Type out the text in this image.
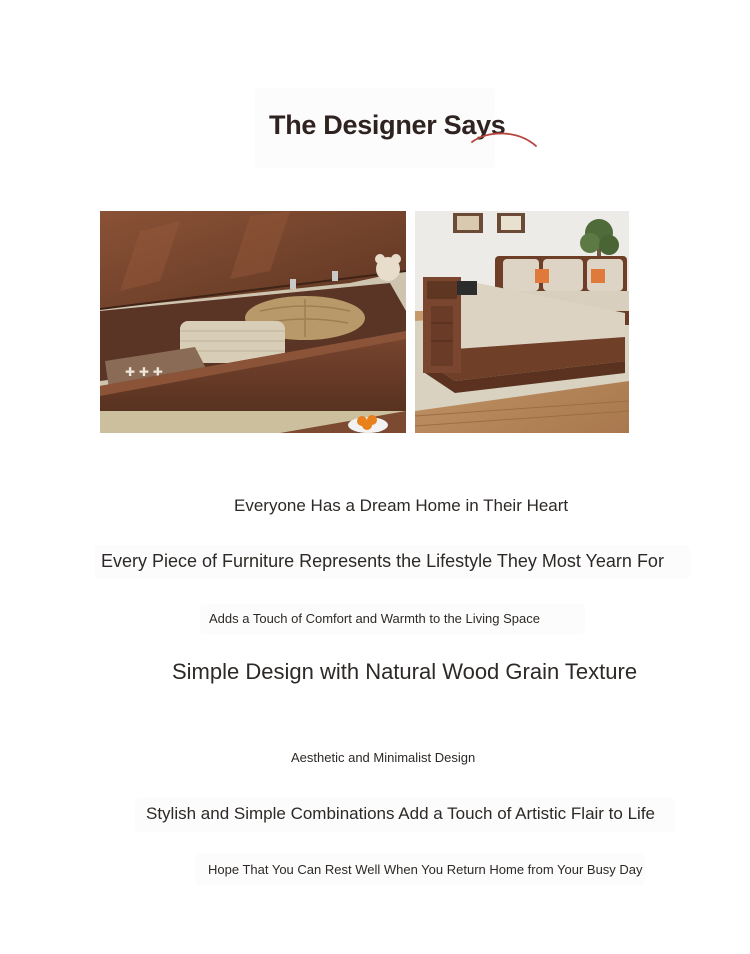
The Designer Says
✚ ✚ ✚
Everyone Has a Dream Home in Their Heart
Every Piece of Furniture Represents the Lifestyle They Most Yearn For
Adds a Touch of Comfort and Warmth to the Living Space
Simple Design with Natural Wood Grain Texture
Aesthetic and Minimalist Design
Stylish and Simple Combinations Add a Touch of Artistic Flair to Life
Hope That You Can Rest Well When You Return Home from Your Busy Day
